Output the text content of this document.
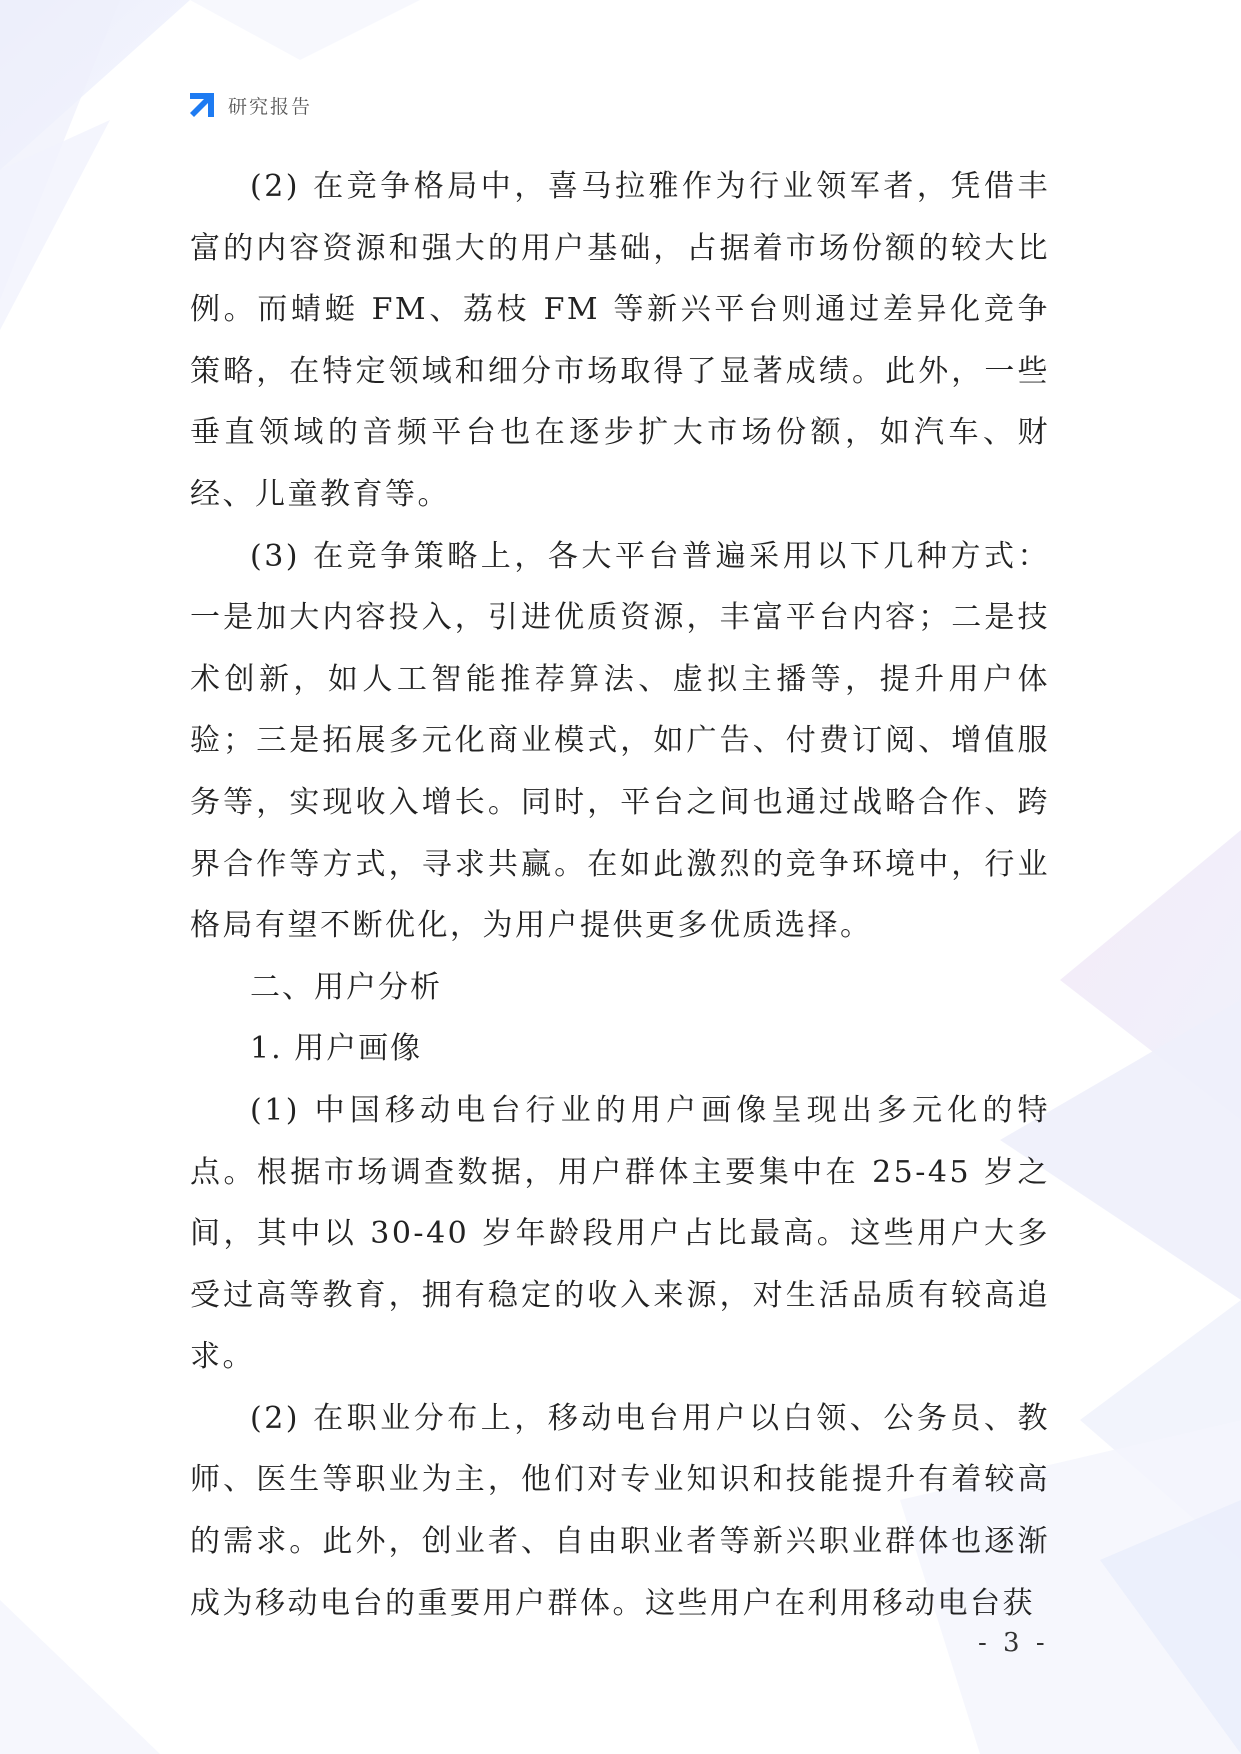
研究报告

(2) 在竞争格局中，喜马拉雅作为行业领军者，凭借丰富的内容资源和强大的用户基础，占据着市场份额的较大比例。而蜻蜓 FM、荔枝 FM 等新兴平台则通过差异化竞争策略，在特定领域和细分市场取得了显著成绩。此外，一些垂直领域的音频平台也在逐步扩大市场份额，如汽车、财经、儿童教育等。

(3) 在竞争策略上，各大平台普遍采用以下几种方式：一是加大内容投入，引进优质资源，丰富平台内容；二是技术创新，如人工智能推荐算法、虚拟主播等，提升用户体验；三是拓展多元化商业模式，如广告、付费订阅、增值服务等，实现收入增长。同时，平台之间也通过战略合作、跨界合作等方式，寻求共赢。在如此激烈的竞争环境中，行业格局有望不断优化，为用户提供更多优质选择。

二、用户分析

1. 用户画像

(1) 中国移动电台行业的用户画像呈现出多元化的特点。根据市场调查数据，用户群体主要集中在 25-45 岁之间，其中以 30-40 岁年龄段用户占比最高。这些用户大多受过高等教育，拥有稳定的收入来源，对生活品质有较高追求。

(2) 在职业分布上，移动电台用户以白领、公务员、教师、医生等职业为主，他们对专业知识和技能提升有着较高的需求。此外，创业者、自由职业者等新兴职业群体也逐渐成为移动电台的重要用户群体。这些用户在利用移动电台获

- 3 -
